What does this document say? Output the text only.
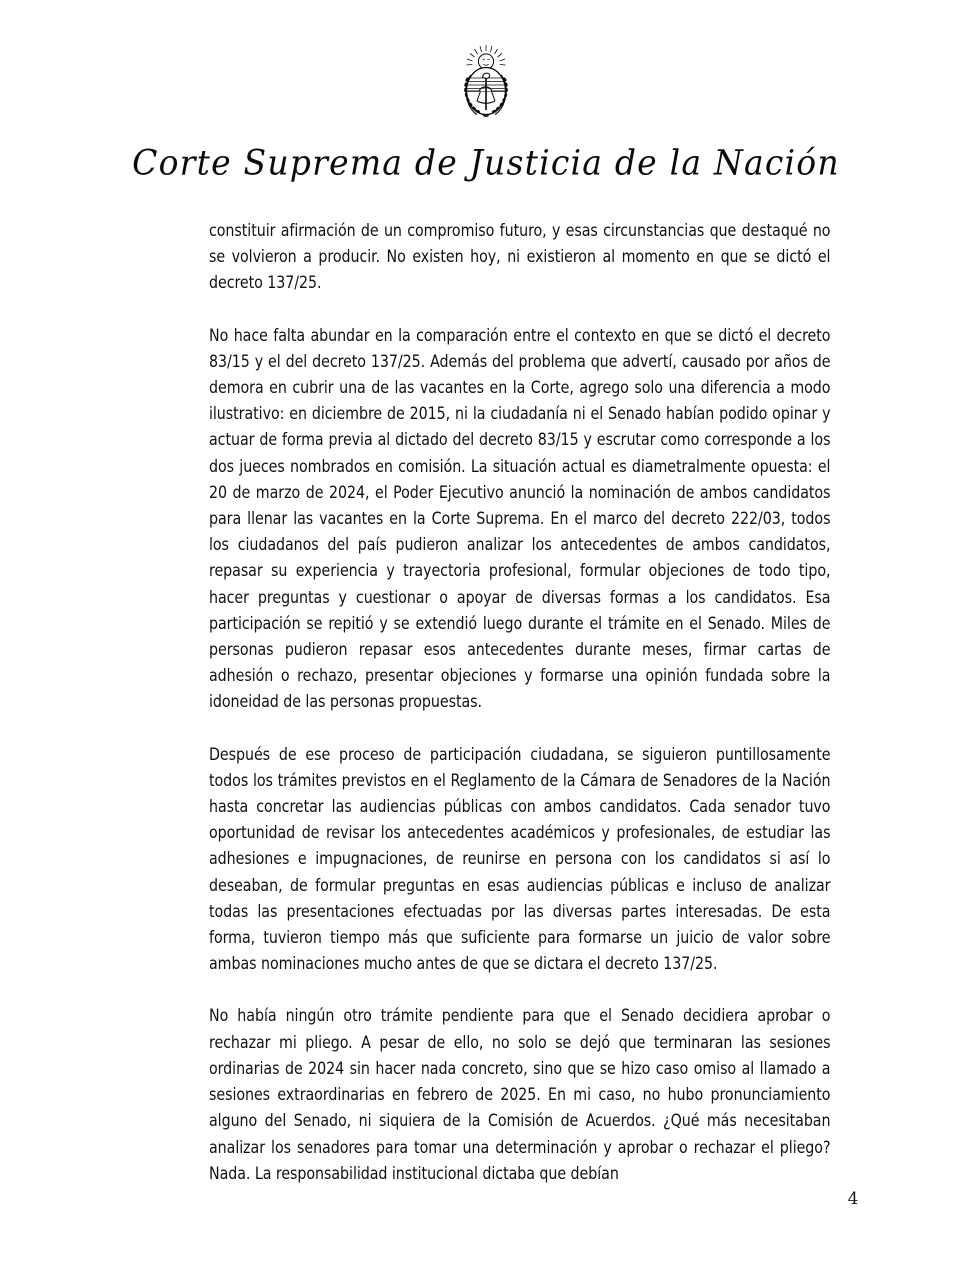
Corte Suprema de Justicia de la Nación

constituir afirmación de un compromiso futuro, y esas circunstancias que destaqué no se volvieron a producir. No existen hoy, ni existieron al momento en que se dictó el decreto 137/25.

No hace falta abundar en la comparación entre el contexto en que se dictó el decreto 83/15 y el del decreto 137/25. Además del problema que advertí, causado por años de demora en cubrir una de las vacantes en la Corte, agrego solo una diferencia a modo ilustrativo: en diciembre de 2015, ni la ciudadanía ni el Senado habían podido opinar y actuar de forma previa al dictado del decreto 83/15 y escrutar como corresponde a los dos jueces nombrados en comisión. La situación actual es diametralmente opuesta: el 20 de marzo de 2024, el Poder Ejecutivo anunció la nominación de ambos candidatos para llenar las vacantes en la Corte Suprema. En el marco del decreto 222/03, todos los ciudadanos del país pudieron analizar los antecedentes de ambos candidatos, repasar su experiencia y trayectoria profesional, formular objeciones de todo tipo, hacer preguntas y cuestionar o apoyar de diversas formas a los candidatos. Esa participación se repitió y se extendió luego durante el trámite en el Senado. Miles de personas pudieron repasar esos antecedentes durante meses, firmar cartas de adhesión o rechazo, presentar objeciones y formarse una opinión fundada sobre la idoneidad de las personas propuestas.

Después de ese proceso de participación ciudadana, se siguieron puntillosamente todos los trámites previstos en el Reglamento de la Cámara de Senadores de la Nación hasta concretar las audiencias públicas con ambos candidatos. Cada senador tuvo oportunidad de revisar los antecedentes académicos y profesionales, de estudiar las adhesiones e impugnaciones, de reunirse en persona con los candidatos si así lo deseaban, de formular preguntas en esas audiencias públicas e incluso de analizar todas las presentaciones efectuadas por las diversas partes interesadas. De esta forma, tuvieron tiempo más que suficiente para formarse un juicio de valor sobre ambas nominaciones mucho antes de que se dictara el decreto 137/25.

No había ningún otro trámite pendiente para que el Senado decidiera aprobar o rechazar mi pliego. A pesar de ello, no solo se dejó que terminaran las sesiones ordinarias de 2024 sin hacer nada concreto, sino que se hizo caso omiso al llamado a sesiones extraordinarias en febrero de 2025. En mi caso, no hubo pronunciamiento alguno del Senado, ni siquiera de la Comisión de Acuerdos. ¿Qué más necesitaban analizar los senadores para tomar una determinación y aprobar o rechazar el pliego? Nada. La responsabilidad institucional dictaba que debían

4
